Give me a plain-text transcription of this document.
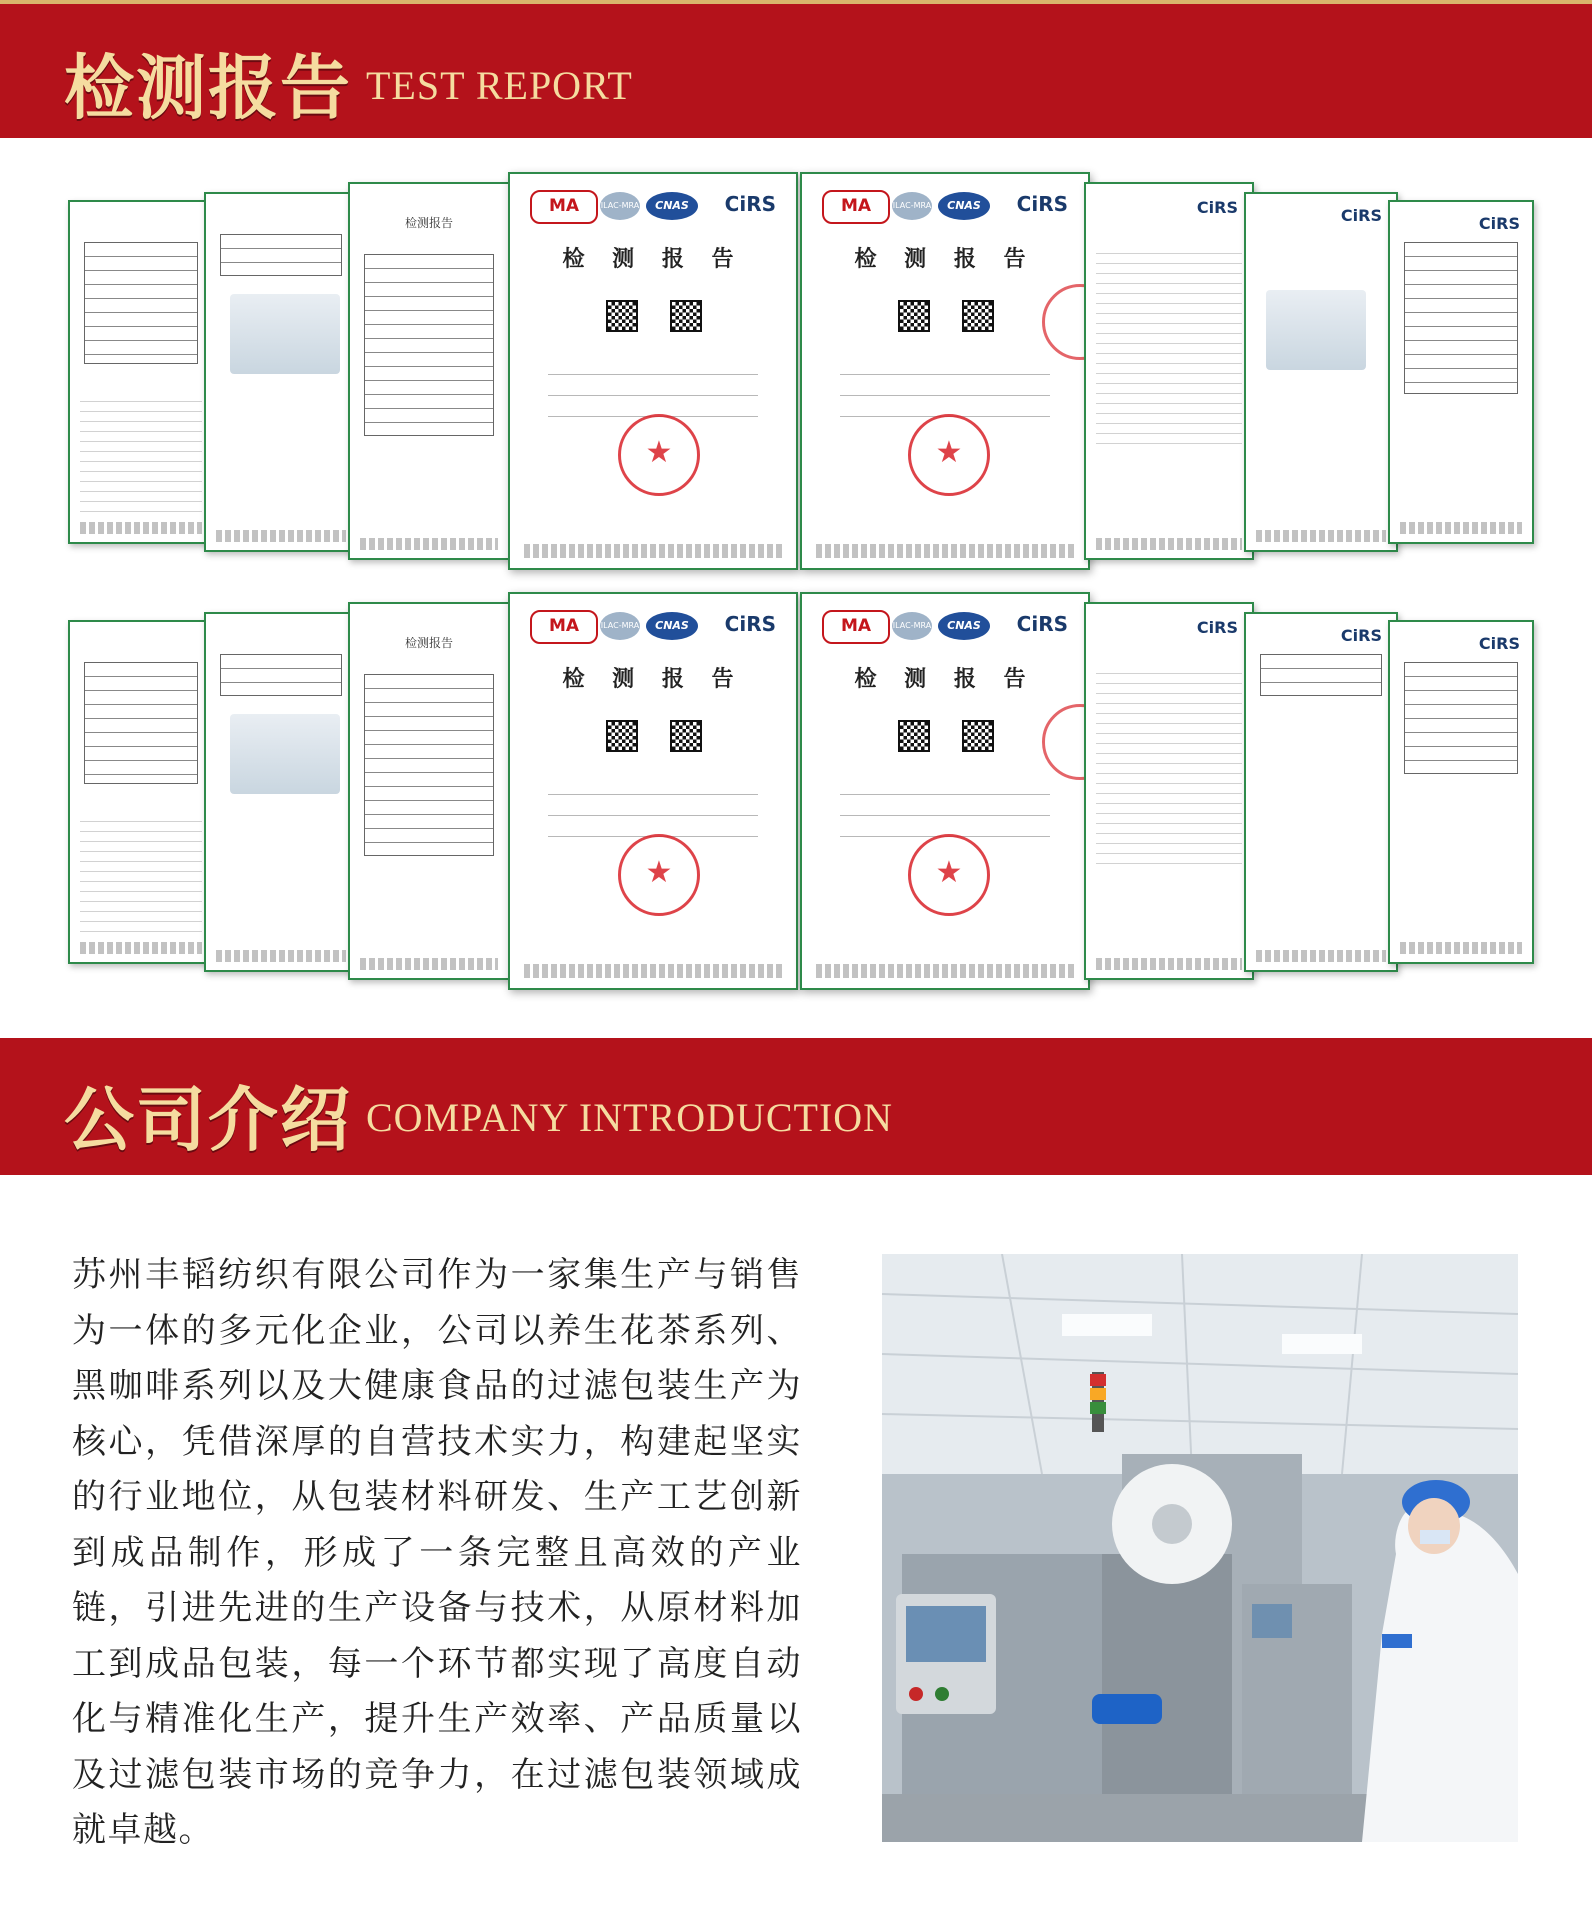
检测报告 TEST REPORT
检测报告
MA	ILAC-MRA	CNAS	CiRS
检 测 报 告
★
MA	ILAC-MRA	CNAS	CiRS
检 测 报 告
★
CiRS	CiRS	CiRS
检测报告
MA	ILAC-MRA	CNAS	CiRS
检 测 报 告
★
MA	ILAC-MRA	CNAS	CiRS
检 测 报 告
★
CiRS	CiRS	CiRS
公司介绍 COMPANY INTRODUCTION
苏州丰韬纺织有限公司作为一家集生产与销售为一体的多元化企业，公司以养生花茶系列、黑咖啡系列以及大健康食品的过滤包装生产为核心，凭借深厚的自营技术实力，构建起坚实的行业地位，从包装材料研发、生产工艺创新到成品制作，形成了一条完整且高效的产业链，引进先进的生产设备与技术，从原材料加工到成品包装，每一个环节都实现了高度自动化与精准化生产，提升生产效率、产品质量以及过滤包装市场的竞争力，在过滤包装领域成就卓越。
